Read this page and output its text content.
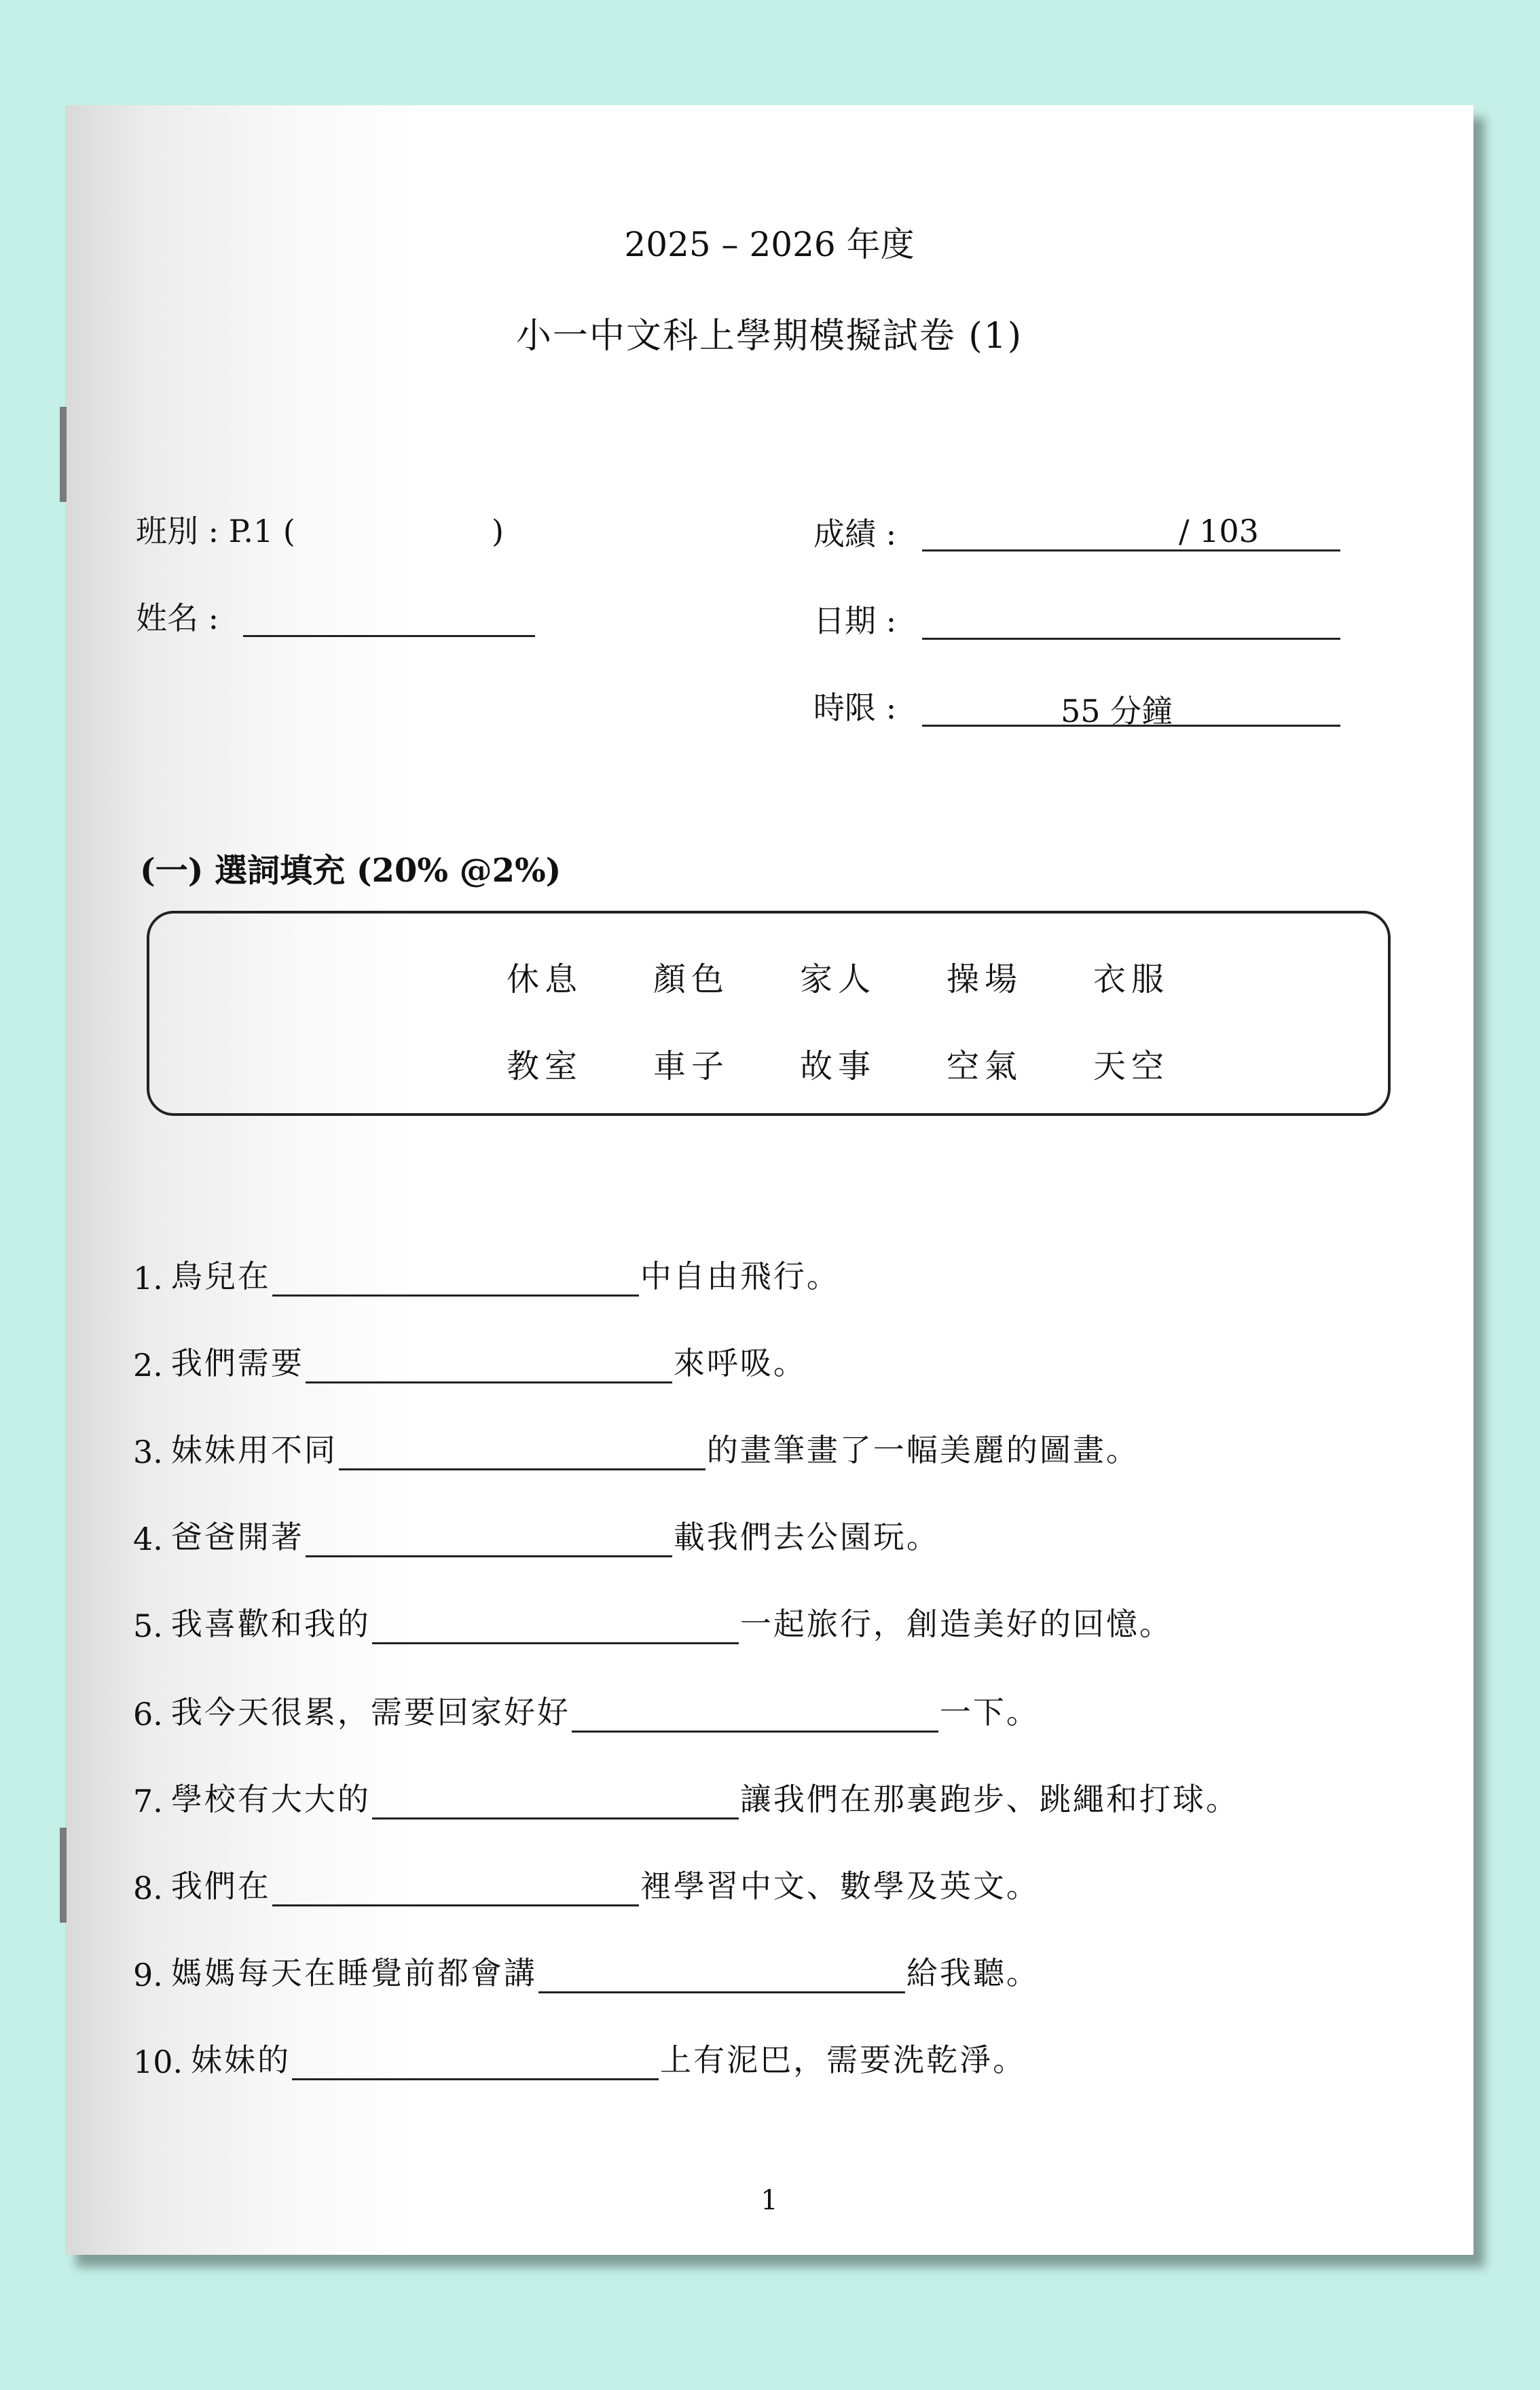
2025 – 2026 年度
小一中文科上學期模擬試卷 (1)
班別 : P.1 (	)
姓名 :
成績 :	/ 103
日期 :
時限 :	55 分鐘
(一) 選詞填充 (20% @2%)
休息 顏色 家人 操場 衣服
教室 車子 故事 空氣 天空
1. 鳥兒在	中自由飛行。
2. 我們需要	來呼吸。
3. 妹妹用不同	的畫筆畫了一幅美麗的圖畫。
4. 爸爸開著	載我們去公園玩。
5. 我喜歡和我的	一起旅行，創造美好的回憶。
6. 我今天很累，需要回家好好	一下。
7. 學校有大大的	讓我們在那裏跑步、跳繩和打球。
8. 我們在	裡學習中文、數學及英文。
9. 媽媽每天在睡覺前都會講	給我聽。
10. 妹妹的	上有泥巴，需要洗乾淨。
1
